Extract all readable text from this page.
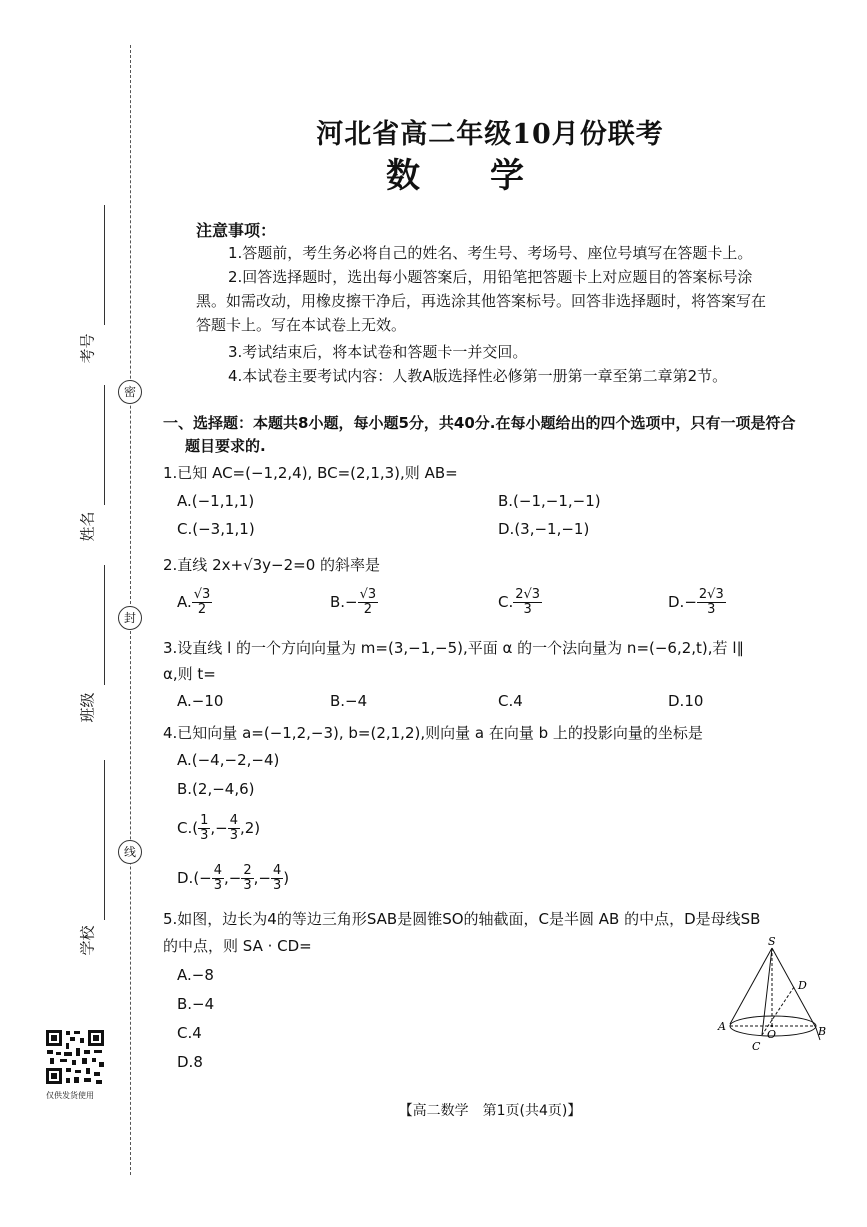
考号
密
姓名
封
班级
线
学校
仅供发货使用
河北省高二年级10月份联考
数学
注意事项：
1.答题前，考生务必将自己的姓名、考生号、考场号、座位号填写在答题卡上。
2.回答选择题时，选出每小题答案后，用铅笔把答题卡上对应题目的答案标号涂
黑。如需改动，用橡皮擦干净后，再选涂其他答案标号。回答非选择题时，将答案写在
答题卡上。写在本试卷上无效。
3.考试结束后，将本试卷和答题卡一并交回。
4.本试卷主要考试内容：人教A版选择性必修第一册第一章至第二章第2节。
一、选择题：本题共8小题，每小题5分，共40分.在每小题给出的四个选项中，只有一项是符合
题目要求的.
1.已知 AC=(−1,2,4), BC=(2,1,3),则 AB=
A.(−1,1,1)	B.(−1,−1,−1)
C.(−3,1,1)	D.(3,−1,−1)
2.直线 2x+√3y−2=0 的斜率是
A. $\frac{√3}{2}$	$B.- \frac{√3}{2}$	C. $\frac{2√3}{3}$	$D.- \frac{2√3}{3}$
3.设直线 l 的一个方向向量为 m=(3,−1,−5),平面 α 的一个法向量为 n=(−6,2,t),若 l∥
α,则 t=
A.−10	B.−4	C.4	D.10
4.已知向量 a=(−1,2,−3), b=(2,1,2),则向量 a 在向量 b 上的投影向量的坐标是
A.(−4,−2,−4)
B.(2,−4,6)
$C.( \frac{1}{3}$ ,− $\frac{4}{3} ,2$)
$D.(- \frac{4}{3}$ ,− $\frac{2}{3}$ ,− $\frac{4}{3}$ )
5.如图，边长为4的等边三角形SAB是圆锥SO的轴截面，C是半圆 AB 的中点，D是母线SB
的中点，则 SA · CD=
A.−8
B.−4
C.4
D.8
S
A	B
C
D
O
【高二数学　第1页(共4页)】
